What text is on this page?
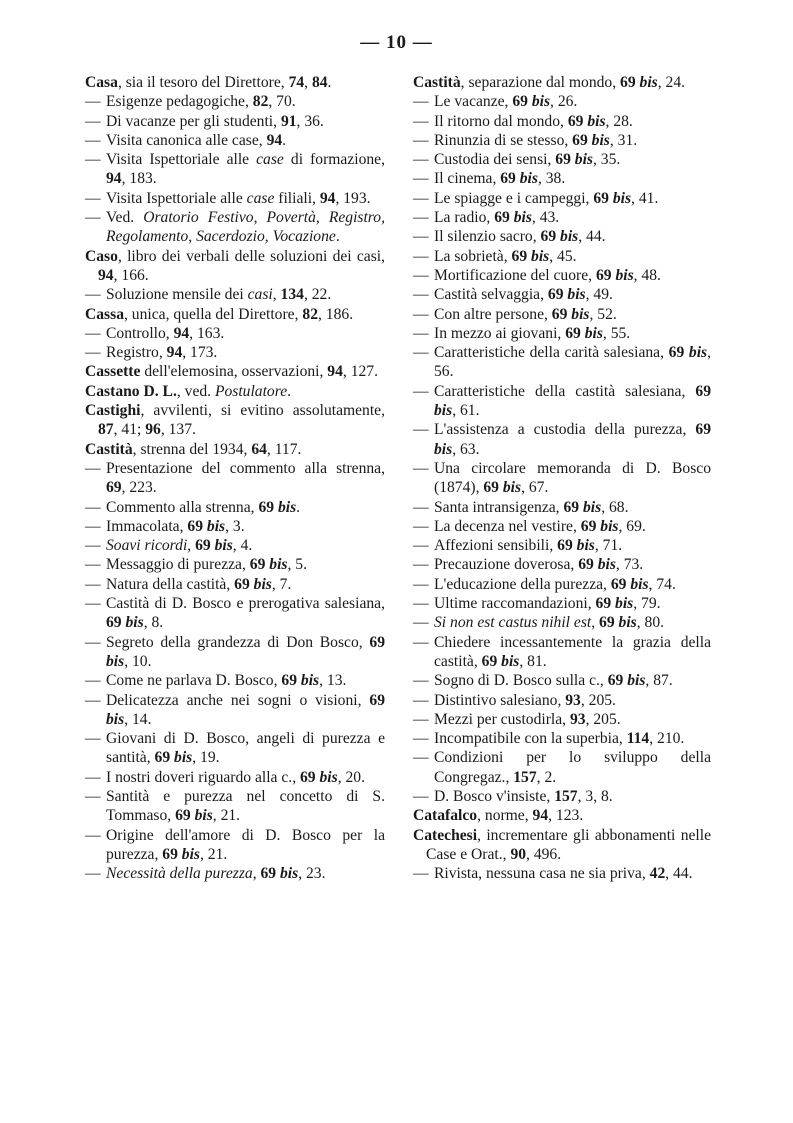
— 10 —

Casa, sia il tesoro del Direttore, 74, 84.

— Esigenze pedagogiche, 82, 70.

— Di vacanze per gli studenti, 91, 36.

— Visita canonica alle case, 94.

— Visita Ispettoriale alle case di formazione, 94, 183.

— Visita Ispettoriale alle case filiali, 94, 193.

— Ved. Oratorio Festivo, Povertà, Registro, Regolamento, Sacerdozio, Vocazione.

Caso, libro dei verbali delle soluzioni dei casi, 94, 166.

— Soluzione mensile dei casi, 134, 22.

Cassa, unica, quella del Direttore, 82, 186.

— Controllo, 94, 163.

— Registro, 94, 173.

Cassette dell'elemosina, osservazioni, 94, 127.

Castano D. L., ved. Postulatore.

Castighi, avvilenti, si evitino assolutamente, 87, 41; 96, 137.

Castità, strenna del 1934, 64, 117.

— Presentazione del commento alla strenna, 69, 223.

— Commento alla strenna, 69 bis.

— Immacolata, 69 bis, 3.

— Soavi ricordi, 69 bis, 4.

— Messaggio di purezza, 69 bis, 5.

— Natura della castità, 69 bis, 7.

— Castità di D. Bosco e prerogativa salesiana, 69 bis, 8.

— Segreto della grandezza di Don Bosco, 69 bis, 10.

— Come ne parlava D. Bosco, 69 bis, 13.

— Delicatezza anche nei sogni o visioni, 69 bis, 14.

— Giovani di D. Bosco, angeli di purezza e santità, 69 bis, 19.

— I nostri doveri riguardo alla c., 69 bis, 20.

— Santità e purezza nel concetto di S. Tommaso, 69 bis, 21.

— Origine dell'amore di D. Bosco per la purezza, 69 bis, 21.

— Necessità della purezza, 69 bis, 23.

Castità, separazione dal mondo, 69 bis, 24.

— Le vacanze, 69 bis, 26.

— Il ritorno dal mondo, 69 bis, 28.

— Rinunzia di se stesso, 69 bis, 31.

— Custodia dei sensi, 69 bis, 35.

— Il cinema, 69 bis, 38.

— Le spiagge e i campeggi, 69 bis, 41.

— La radio, 69 bis, 43.

— Il silenzio sacro, 69 bis, 44.

— La sobrietà, 69 bis, 45.

— Mortificazione del cuore, 69 bis, 48.

— Castità selvaggia, 69 bis, 49.

— Con altre persone, 69 bis, 52.

— In mezzo ai giovani, 69 bis, 55.

— Caratteristiche della carità salesiana, 69 bis, 56.

— Caratteristiche della castità salesiana, 69 bis, 61.

— L'assistenza a custodia della purezza, 69 bis, 63.

— Una circolare memoranda di D. Bosco (1874), 69 bis, 67.

— Santa intransigenza, 69 bis, 68.

— La decenza nel vestire, 69 bis, 69.

— Affezioni sensibili, 69 bis, 71.

— Precauzione doverosa, 69 bis, 73.

— L'educazione della purezza, 69 bis, 74.

— Ultime raccomandazioni, 69 bis, 79.

— Si non est castus nihil est, 69 bis, 80.

— Chiedere incessantemente la grazia della castità, 69 bis, 81.

— Sogno di D. Bosco sulla c., 69 bis, 87.

— Distintivo salesiano, 93, 205.

— Mezzi per custodirla, 93, 205.

— Incompatibile con la superbia, 114, 210.

— Condizioni per lo sviluppo della Congregaz., 157, 2.

— D. Bosco v'insiste, 157, 3, 8.

Catafalco, norme, 94, 123.

Catechesi, incrementare gli abbonamenti nelle Case e Orat., 90, 496.

— Rivista, nessuna casa ne sia priva, 42, 44.
